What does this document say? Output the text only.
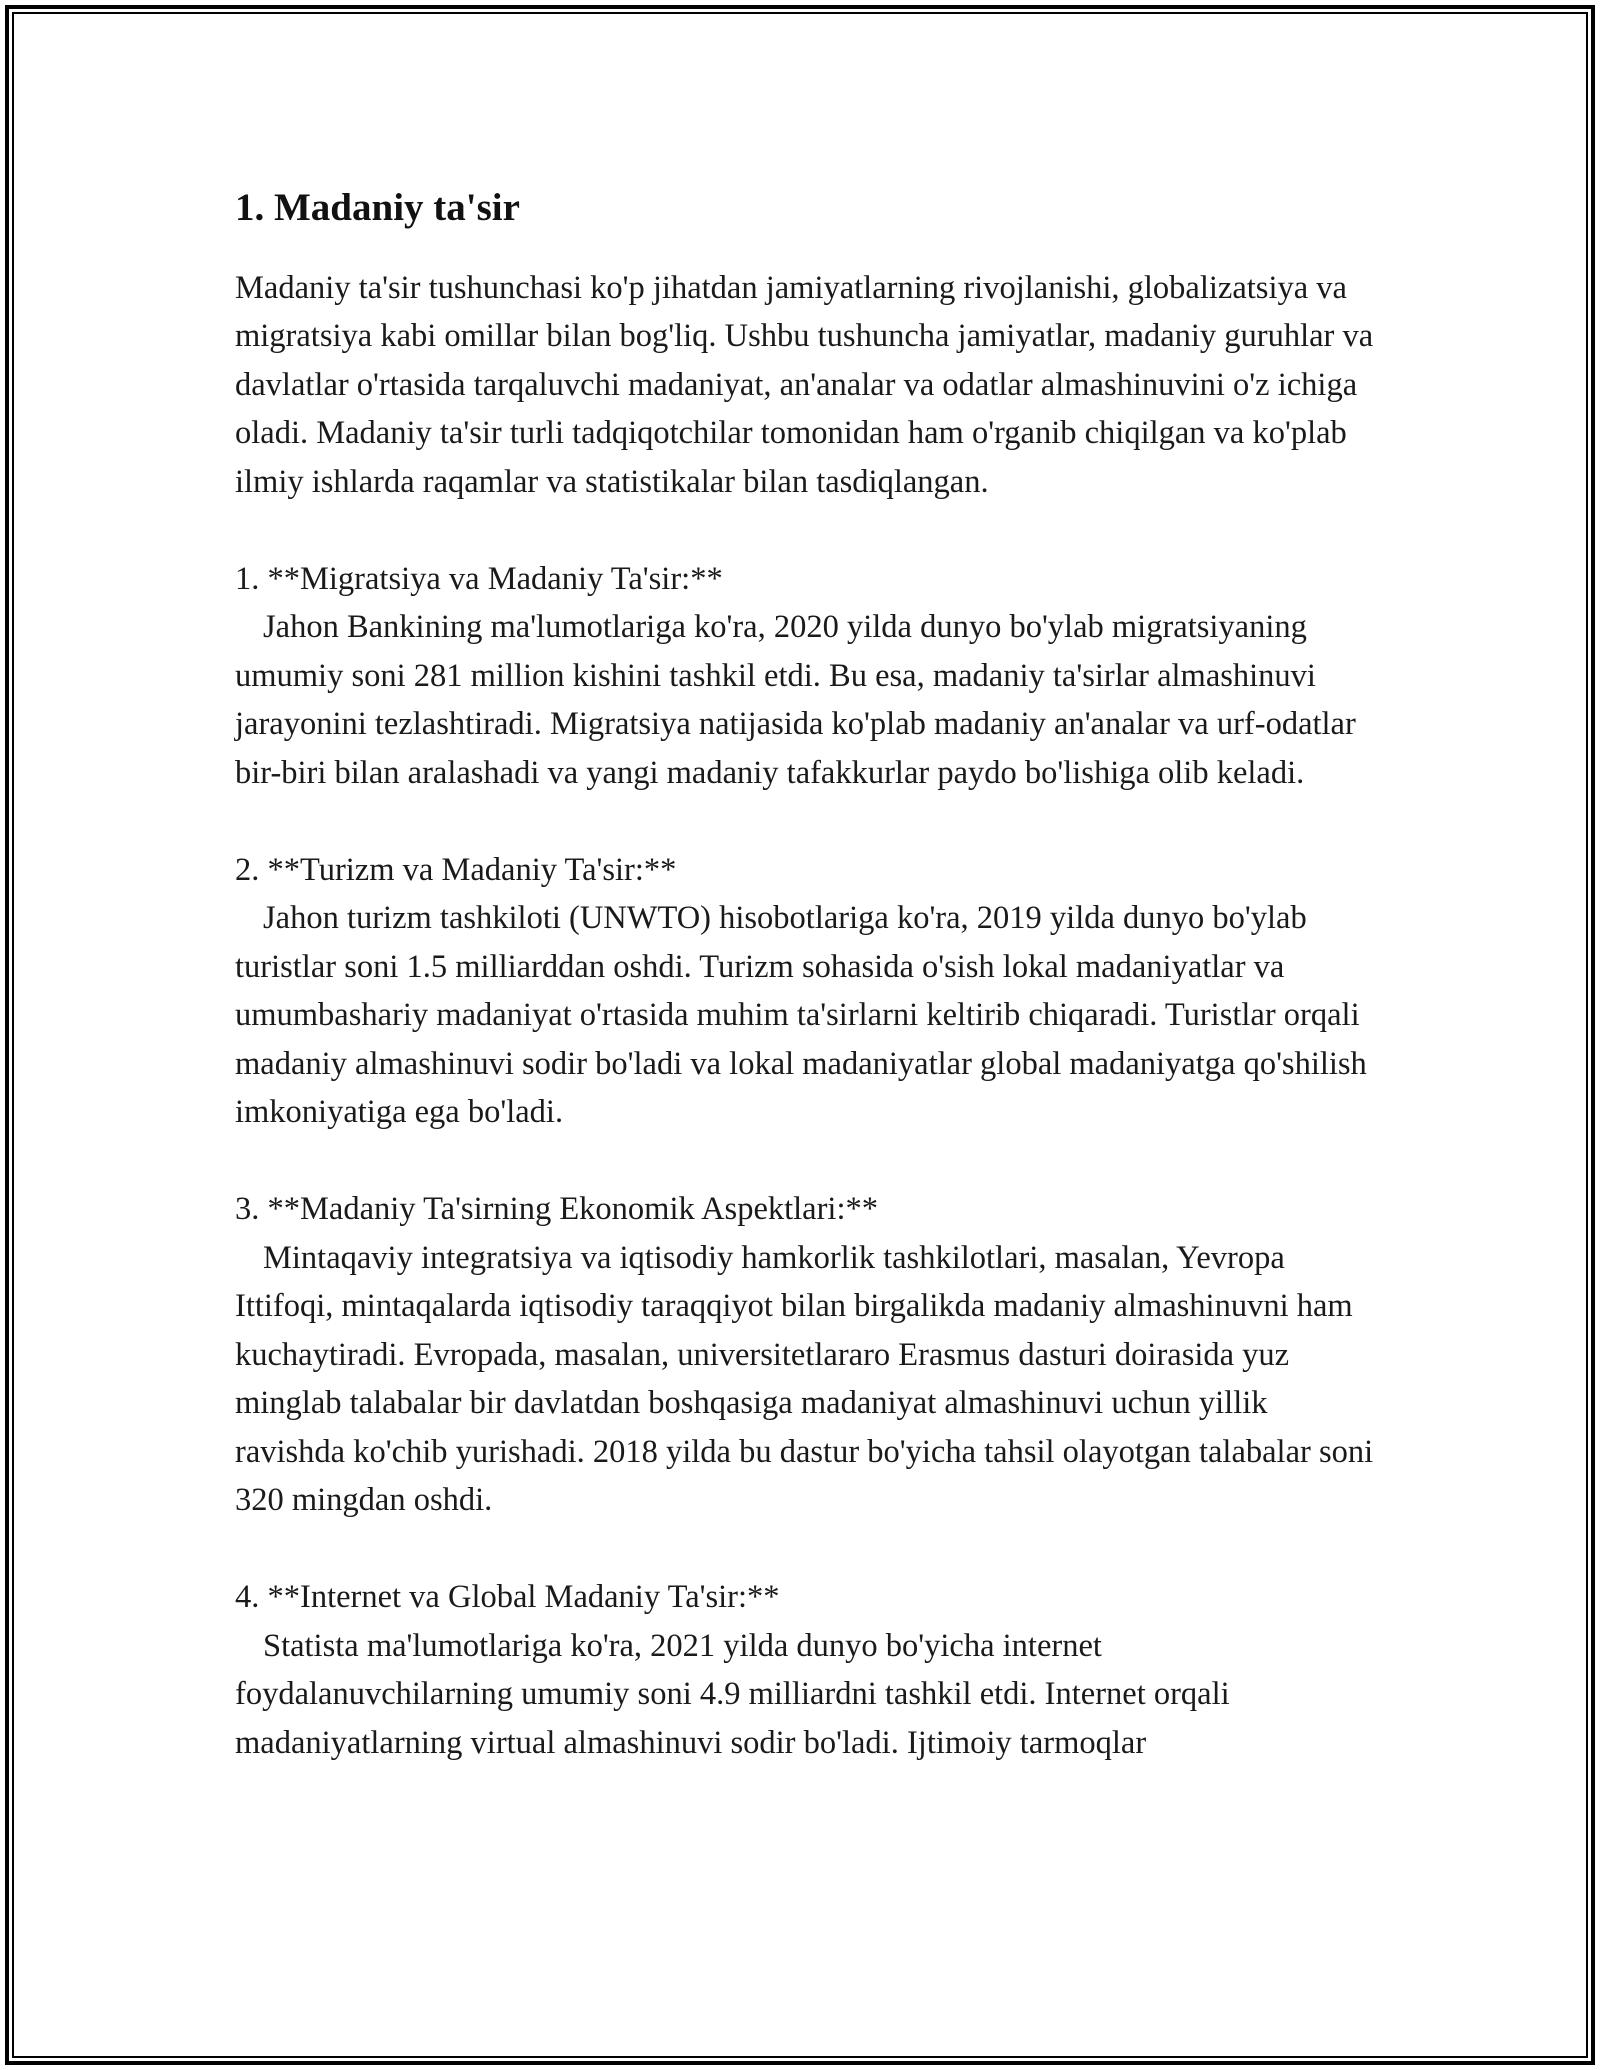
1. Madaniy ta'sir

Madaniy ta'sir tushunchasi ko'p jihatdan jamiyatlarning rivojlanishi, globalizatsiya va migratsiya kabi omillar bilan bog'liq. Ushbu tushuncha jamiyatlar, madaniy guruhlar va davlatlar o'rtasida tarqaluvchi madaniyat, an'analar va odatlar almashinuvini o'z ichiga oladi. Madaniy ta'sir turli tadqiqotchilar tomonidan ham o'rganib chiqilgan va ko'plab ilmiy ishlarda raqamlar va statistikalar bilan tasdiqlangan.

1. **Migratsiya va Madaniy Ta'sir:**

Jahon Bankining ma'lumotlariga ko'ra, 2020 yilda dunyo bo'ylab migratsiyaning umumiy soni 281 million kishini tashkil etdi. Bu esa, madaniy ta'sirlar almashinuvi jarayonini tezlashtiradi. Migratsiya natijasida ko'plab madaniy an'analar va urf-odatlar bir-biri bilan aralashadi va yangi madaniy tafakkurlar paydo bo'lishiga olib keladi.

2. **Turizm va Madaniy Ta'sir:**

Jahon turizm tashkiloti (UNWTO) hisobotlariga ko'ra, 2019 yilda dunyo bo'ylab turistlar soni 1.5 milliarddan oshdi. Turizm sohasida o'sish lokal madaniyatlar va umumbashariy madaniyat o'rtasida muhim ta'sirlarni keltirib chiqaradi. Turistlar orqali madaniy almashinuvi sodir bo'ladi va lokal madaniyatlar global madaniyatga qo'shilish imkoniyatiga ega bo'ladi.

3. **Madaniy Ta'sirning Ekonomik Aspektlari:**

Mintaqaviy integratsiya va iqtisodiy hamkorlik tashkilotlari, masalan, Yevropa Ittifoqi, mintaqalarda iqtisodiy taraqqiyot bilan birgalikda madaniy almashinuvni ham kuchaytiradi. Evropada, masalan, universitetlararo Erasmus dasturi doirasida yuz minglab talabalar bir davlatdan boshqasiga madaniyat almashinuvi uchun yillik ravishda ko'chib yurishadi. 2018 yilda bu dastur bo'yicha tahsil olayotgan talabalar soni 320 mingdan oshdi.

4. **Internet va Global Madaniy Ta'sir:**

Statista ma'lumotlariga ko'ra, 2021 yilda dunyo bo'yicha internet foydalanuvchilarning umumiy soni 4.9 milliardni tashkil etdi. Internet orqali madaniyatlarning virtual almashinuvi sodir bo'ladi. Ijtimoiy tarmoqlar
